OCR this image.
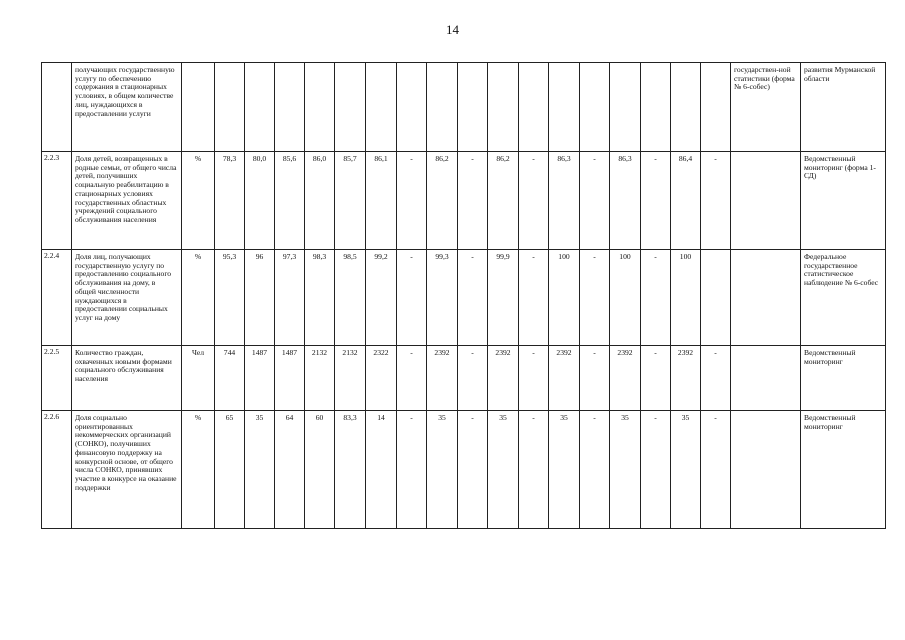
14
	получающих государственную услугу по обеспечению содержания в стационарных условиях, в общем количестве лиц, нуждающихся в предоставлении услуги																			государствен-ной статистики (форма № 6-собес)	развития Мурманской области	
2.2.3	Доля детей, возвращенных в родные семьи, от общего числа детей, получивших социальную реабилитацию в стационарных условиях государственных областных учреждений социального обслуживания населения	%	78,3	80,0	85,6	86,0	85,7	86,1	-	86,2	-	86,2	-	86,3	-	86,3	-	86,4	-		Ведомственный мониторинг (форма 1-СД)	
2.2.4	Доля лиц, получающих государственную услугу по предоставлению социального обслуживания на дому, в общей численности нуждающихся в предоставлении социальных услуг на дому	%	95,3	96	97,3	98,3	98,5	99,2	-	99,3	-	99,9	-	100	-	100	-	100			Федеральное государственное статистическое наблюдение № 6-собес	
2.2.5	Количество граждан, охваченных новыми формами социального обслуживания населения	Чел	744	1487	1487	2132	2132	2322	-	2392	-	2392	-	2392	-	2392	-	2392	-		Ведомственный мониторинг	
2.2.6	Доля социально ориентированных некоммерческих организаций (СОНКО), получивших финансовую поддержку на конкурсной основе, от общего числа СОНКО, принявших участие в конкурсе на оказание поддержки	%	65	35	64	60	83,3	14	-	35	-	35	-	35	-	35	-	35	-		Ведомственный мониторинг	
